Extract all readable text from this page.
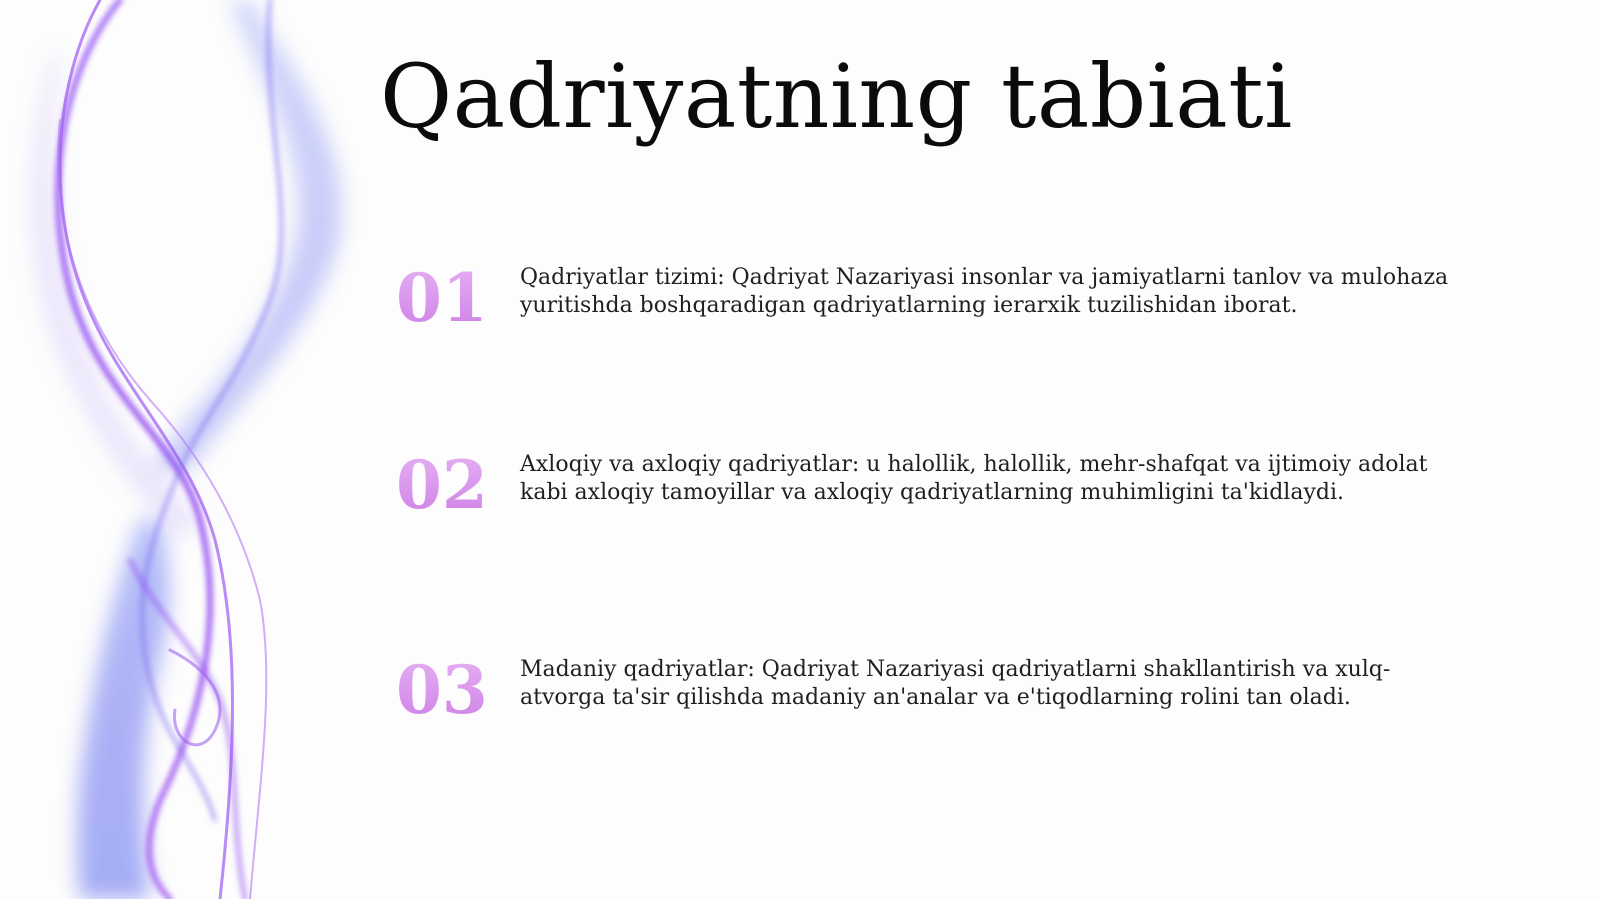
Qadriyatning tabiati
01 Qadriyatlar tizimi: Qadriyat Nazariyasi insonlar va jamiyatlarni tanlov va mulohaza yuritishda boshqaradigan qadriyatlarning ierarxik tuzilishidan iborat.

02 Axloqiy va axloqiy qadriyatlar: u halollik, halollik, mehr-shafqat va ijtimoiy adolat kabi axloqiy tamoyillar va axloqiy qadriyatlarning muhimligini ta'kidlaydi.

03 Madaniy qadriyatlar: Qadriyat Nazariyasi qadriyatlarni shakllantirish va xulq-atvorga ta'sir qilishda madaniy an'analar va e'tiqodlarning rolini tan oladi.
